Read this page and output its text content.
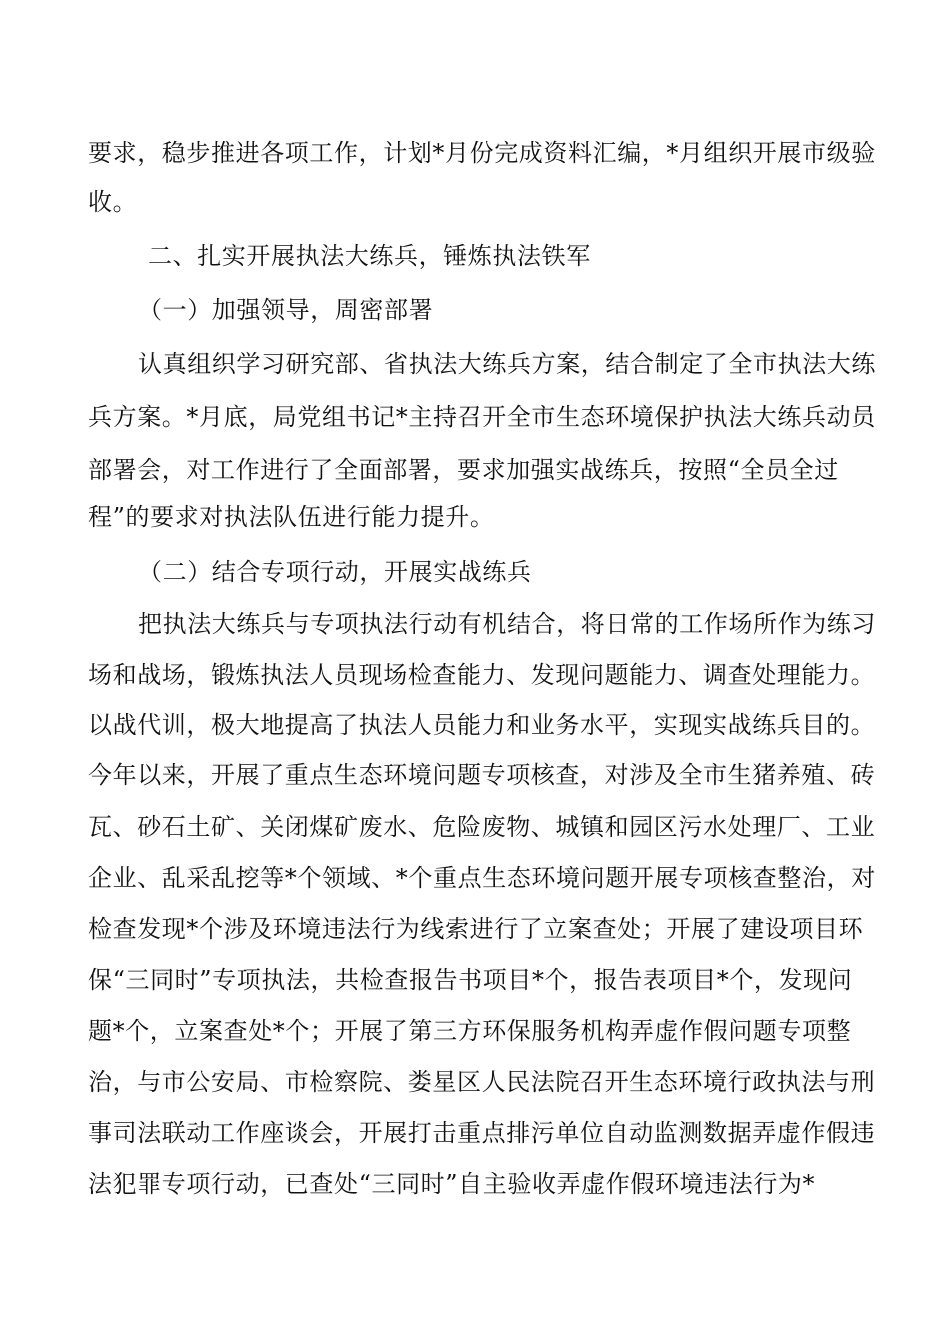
要求，稳步推进各项工作，计划*月份完成资料汇编，*月组织开展市级验
收。
二、扎实开展执法大练兵，锤炼执法铁军
（一）加强领导，周密部署
认真组织学习研究部、省执法大练兵方案，结合制定了全市执法大练
兵方案。*月底，局党组书记*主持召开全市生态环境保护执法大练兵动员
部署会，对工作进行了全面部署，要求加强实战练兵，按照“全员全过
程”的要求对执法队伍进行能力提升。
（二）结合专项行动，开展实战练兵
把执法大练兵与专项执法行动有机结合，将日常的工作场所作为练习
场和战场，锻炼执法人员现场检查能力、发现问题能力、调查处理能力。
以战代训，极大地提高了执法人员能力和业务水平，实现实战练兵目的。
今年以来，开展了重点生态环境问题专项核查，对涉及全市生猪养殖、砖
瓦、砂石土矿、关闭煤矿废水、危险废物、城镇和园区污水处理厂、工业
企业、乱采乱挖等*个领域、*个重点生态环境问题开展专项核查整治，对
检查发现*个涉及环境违法行为线索进行了立案查处；开展了建设项目环
保“三同时”专项执法，共检查报告书项目*个，报告表项目*个，发现问
题*个，立案查处*个；开展了第三方环保服务机构弄虚作假问题专项整
治，与市公安局、市检察院、娄星区人民法院召开生态环境行政执法与刑
事司法联动工作座谈会，开展打击重点排污单位自动监测数据弄虚作假违
法犯罪专项行动，已查处“三同时”自主验收弄虚作假环境违法行为*
